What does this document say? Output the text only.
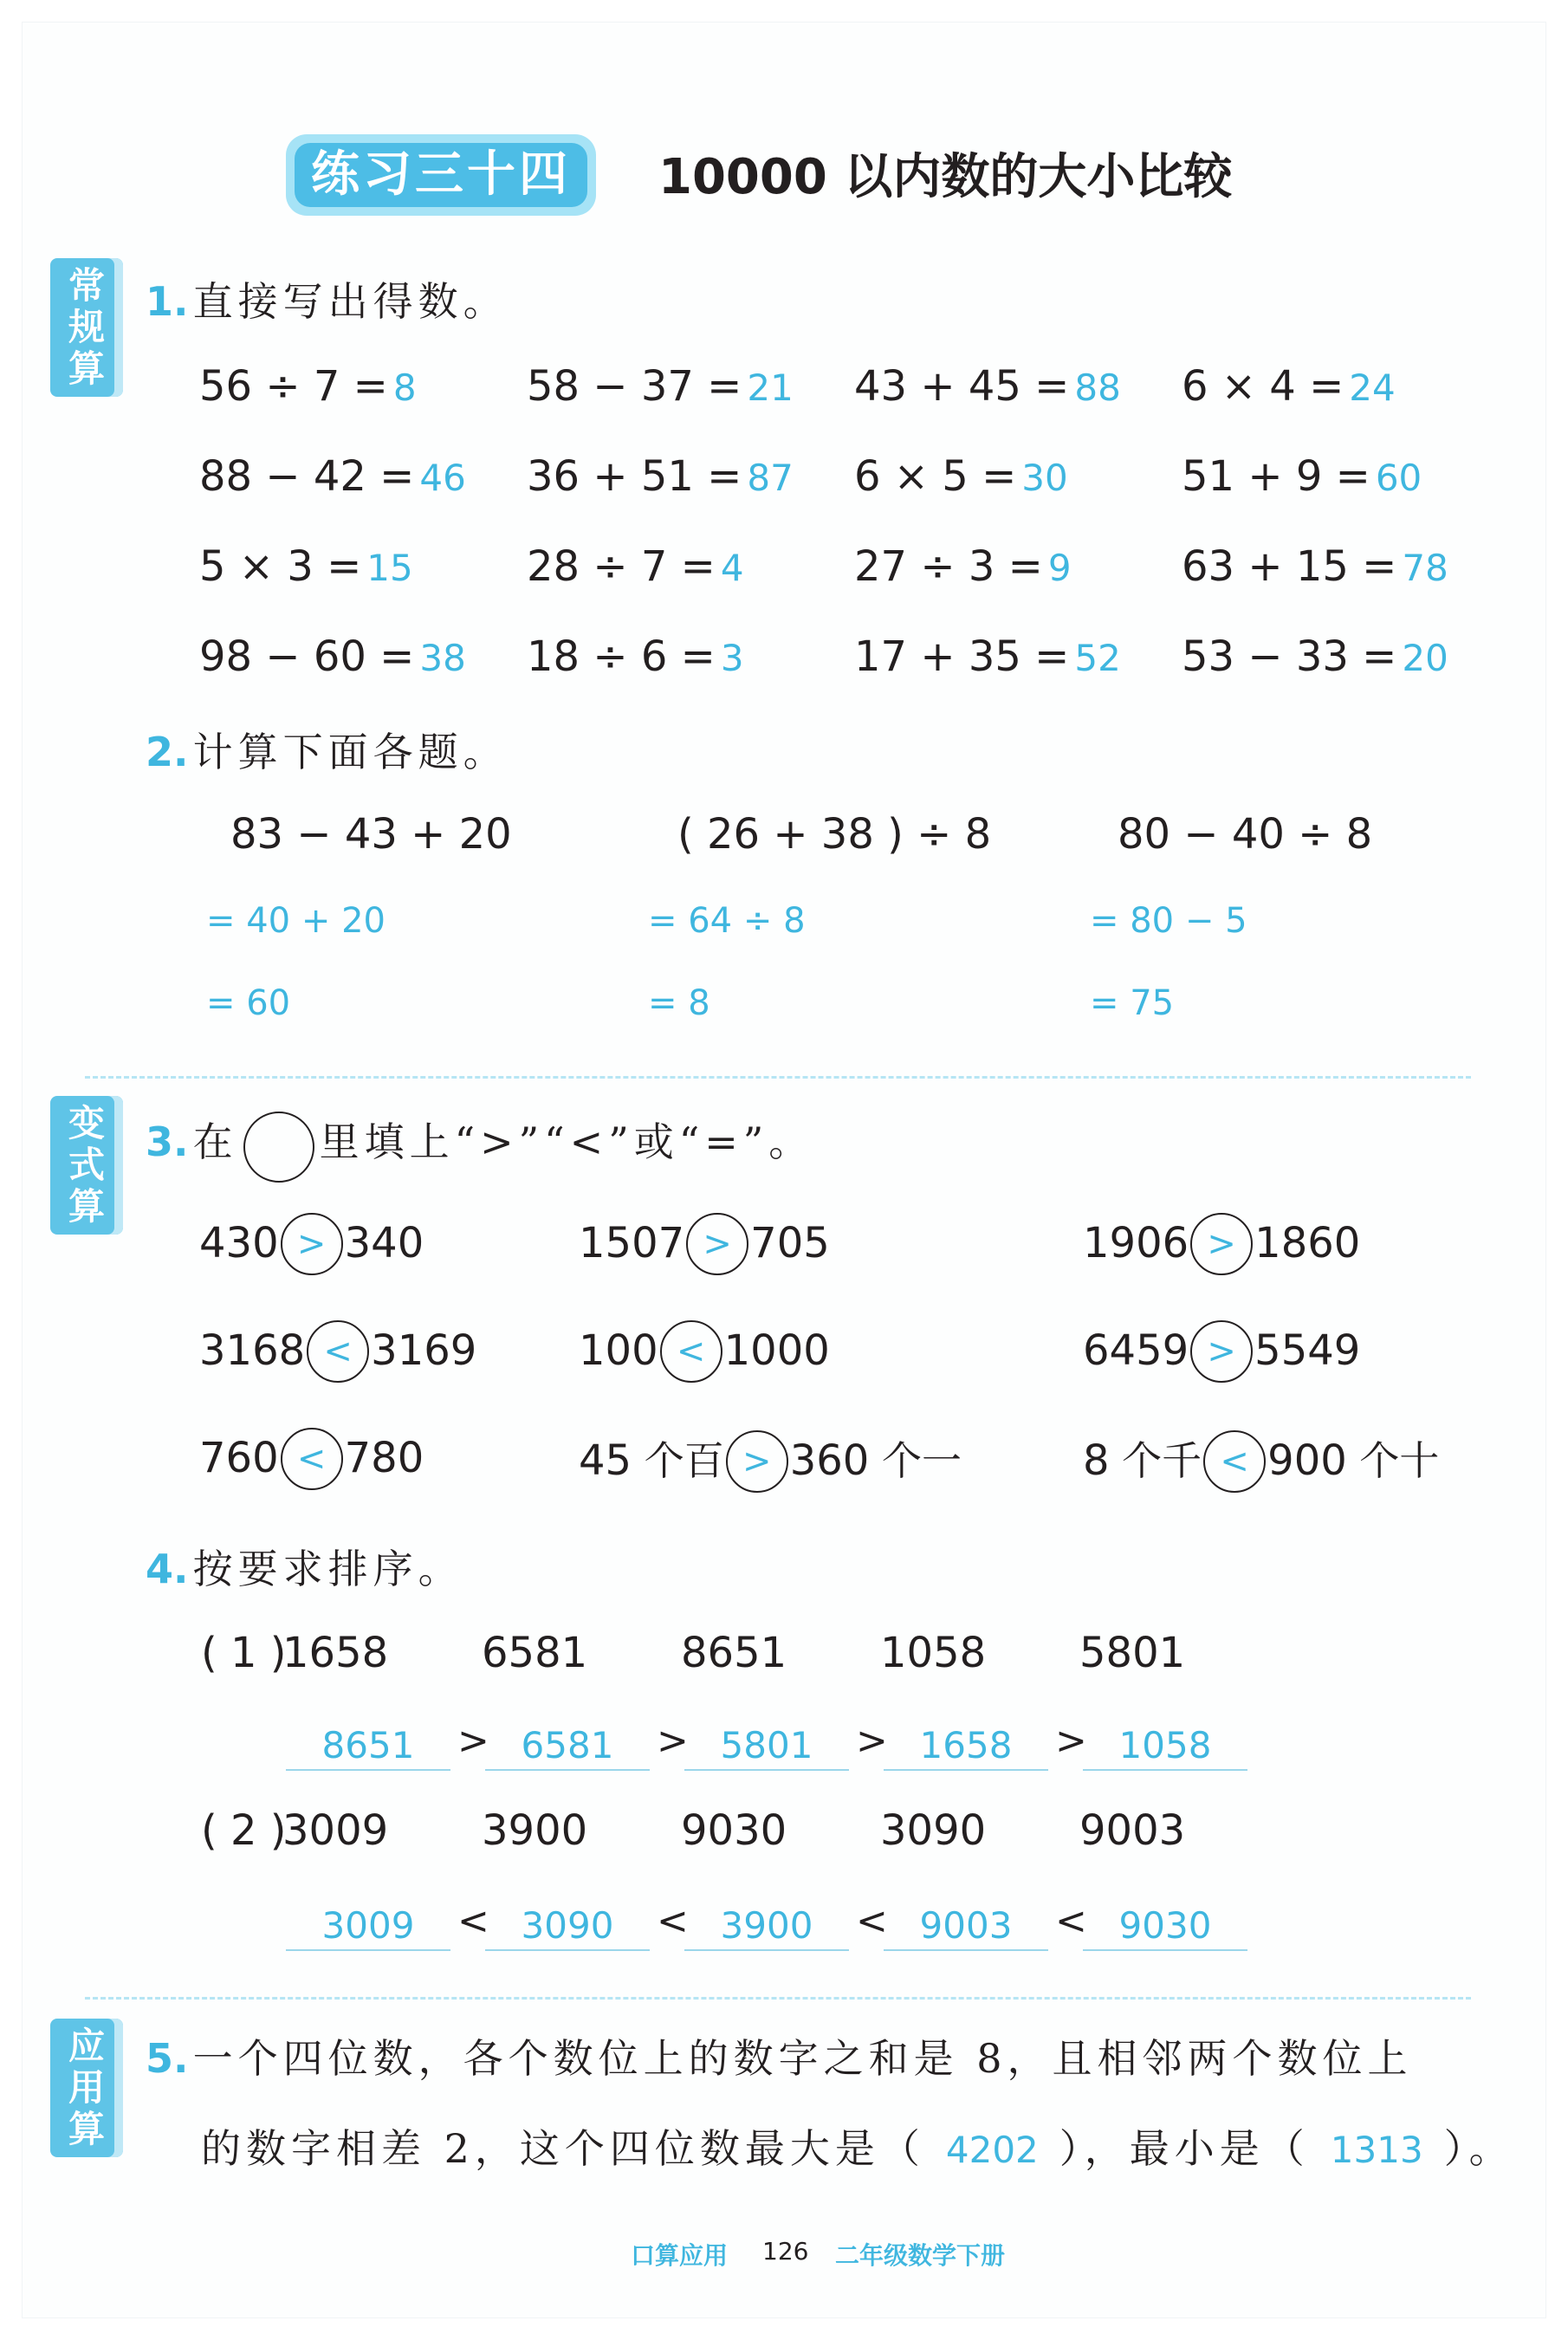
练习三十四	10000 以内数的大小比较
常
规
算
变
式
算
应
用
算
1. 直接写出得数。
56 ÷ 7 = 8	58 − 37 = 21 43 + 45 = 88 6 × 4 = 24
88 − 42 = 46 36 + 51 = 87 6 × 5 = 30	51 + 9 = 60
5 × 3 = 15	28 ÷ 7 = 4	27 ÷ 3 = 9	63 + 15 = 78
98 − 60 = 38 18 ÷ 6 = 3	17 + 35 = 52 53 − 33 = 20
2. 计算下面各题。
83 − 43 + 20
= 40 + 20
= 60
( 26 + 38 ) ÷ 8
= 64 ÷ 8
= 8
80 − 40 ÷ 8
= 80 − 5
= 75
3. 在 里填上“>”“<”或“=”。
430 > 340	1507 > 705	1906 > 1860
3168 < 3169 100 < 1000	6459 > 5549
760 < 780	45 个百 > 360 个一	8 个千 < 900 个十
4. 按要求排序。
( 1 )
1658 6581 8651 1058 5801
8651	6581	5801	1658	1058
>	>	>	>
( 2 )
3009 3900 9030 3090 9003
3009	3090	3900	9003	9030
<	<	<	<
5. 一个四位数，各个数位上的数字之和是 8，且相邻两个数位上
的数字相差 2，这个四位数最大是（ 4202 ），最小是（ 1313 ）。
口算应用 126 二年级数学下册
